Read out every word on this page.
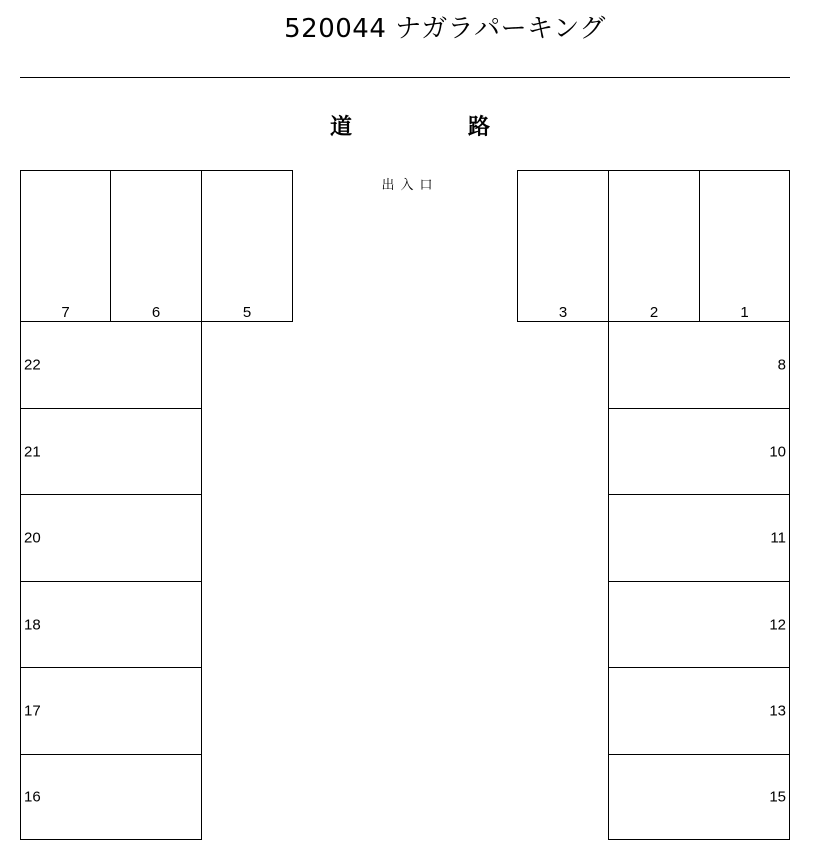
520044 ナガラパーキング
道	路
出入口
7	6	5	3	2	1
22
21
20
18
17
16
8
10
11
12
13
15
